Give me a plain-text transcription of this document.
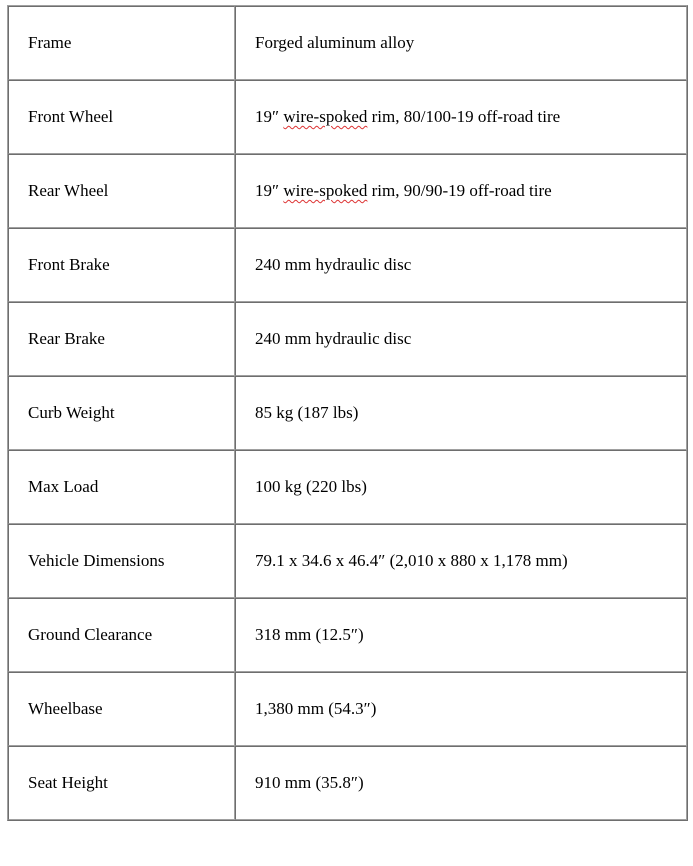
Frame	Forged aluminum alloy
Front Wheel	19″ wire-spoked rim, 80/100-19 off-road tire
Rear Wheel	19″ wire-spoked rim, 90/90-19 off-road tire
Front Brake	240 mm hydraulic disc
Rear Brake	240 mm hydraulic disc
Curb Weight	85 kg (187 lbs)
Max Load	100 kg (220 lbs)
Vehicle Dimensions	79.1 x 34.6 x 46.4″ (2,010 x 880 x 1,178 mm)
Ground Clearance	318 mm (12.5″)
Wheelbase	1,380 mm (54.3″)
Seat Height	910 mm (35.8″)
